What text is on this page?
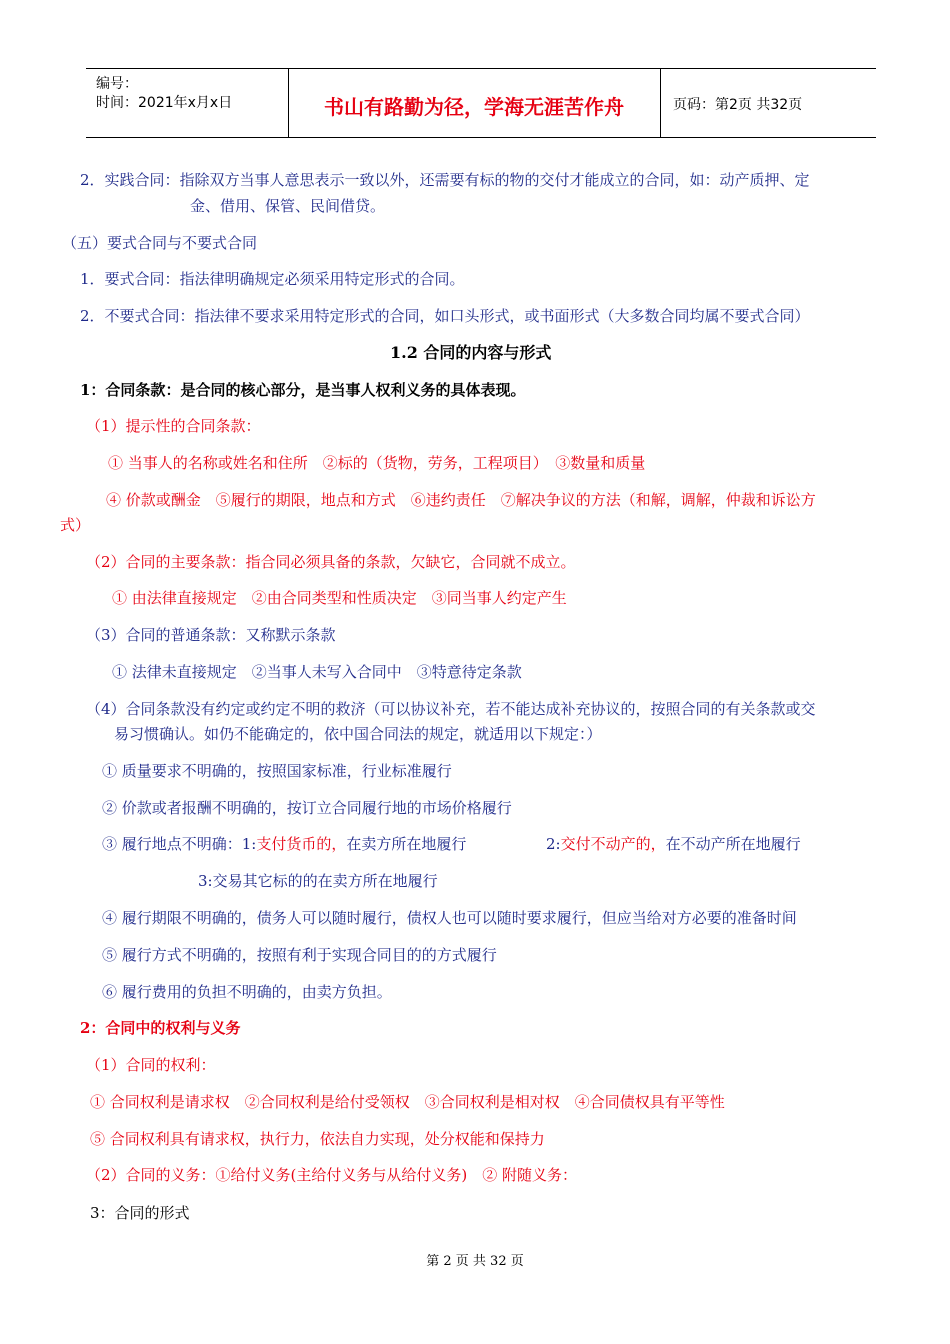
编号：
时间：2021年x月x日	书山有路勤为径，学海无涯苦作舟	页码：第2页 共32页
2．实践合同：指除双方当事人意思表示一致以外，还需要有标的物的交付才能成立的合同，如：动产质押、定
金、借用、保管、民间借贷。
（五）要式合同与不要式合同
1．要式合同：指法律明确规定必须采用特定形式的合同。
2．不要式合同：指法律不要求采用特定形式的合同，如口头形式，或书面形式（大多数合同均属不要式合同）
1.2 合同的内容与形式
1：合同条款：是合同的核心部分，是当事人权利义务的具体表现。
（1）提示性的合同条款：
① 当事人的名称或姓名和住所　②标的（货物，劳务，工程项目）　③数量和质量
④ 价款或酬金　⑤履行的期限，地点和方式　⑥违约责任　⑦解决争议的方法（和解，调解，仲裁和诉讼方
式）
（2）合同的主要条款：指合同必须具备的条款，欠缺它，合同就不成立。
① 由法律直接规定　②由合同类型和性质决定　③同当事人约定产生
（3）合同的普通条款：又称默示条款
① 法律未直接规定　②当事人未写入合同中　③特意待定条款
（4）合同条款没有约定或约定不明的救济（可以协议补充，若不能达成补充协议的，按照合同的有关条款或交
易习惯确认。如仍不能确定的，依中国合同法的规定，就适用以下规定：）
① 质量要求不明确的，按照国家标准，行业标准履行
② 价款或者报酬不明确的，按订立合同履行地的市场价格履行
③ 履行地点不明确：1:支付货币的，在卖方所在地履行	2:交付不动产的，在不动产所在地履行
3:交易其它标的的在卖方所在地履行
④ 履行期限不明确的，债务人可以随时履行，债权人也可以随时要求履行，但应当给对方必要的准备时间
⑤ 履行方式不明确的，按照有利于实现合同目的的方式履行
⑥ 履行费用的负担不明确的，由卖方负担。
2：合同中的权利与义务
（1）合同的权利：
① 合同权利是请求权　②合同权利是给付受领权　③合同权利是相对权　④合同债权具有平等性
⑤ 合同权利具有请求权，执行力，依法自力实现，处分权能和保持力
（2）合同的义务：①给付义务(主给付义务与从给付义务)　② 附随义务：
3：合同的形式
第 2 页 共 32 页
